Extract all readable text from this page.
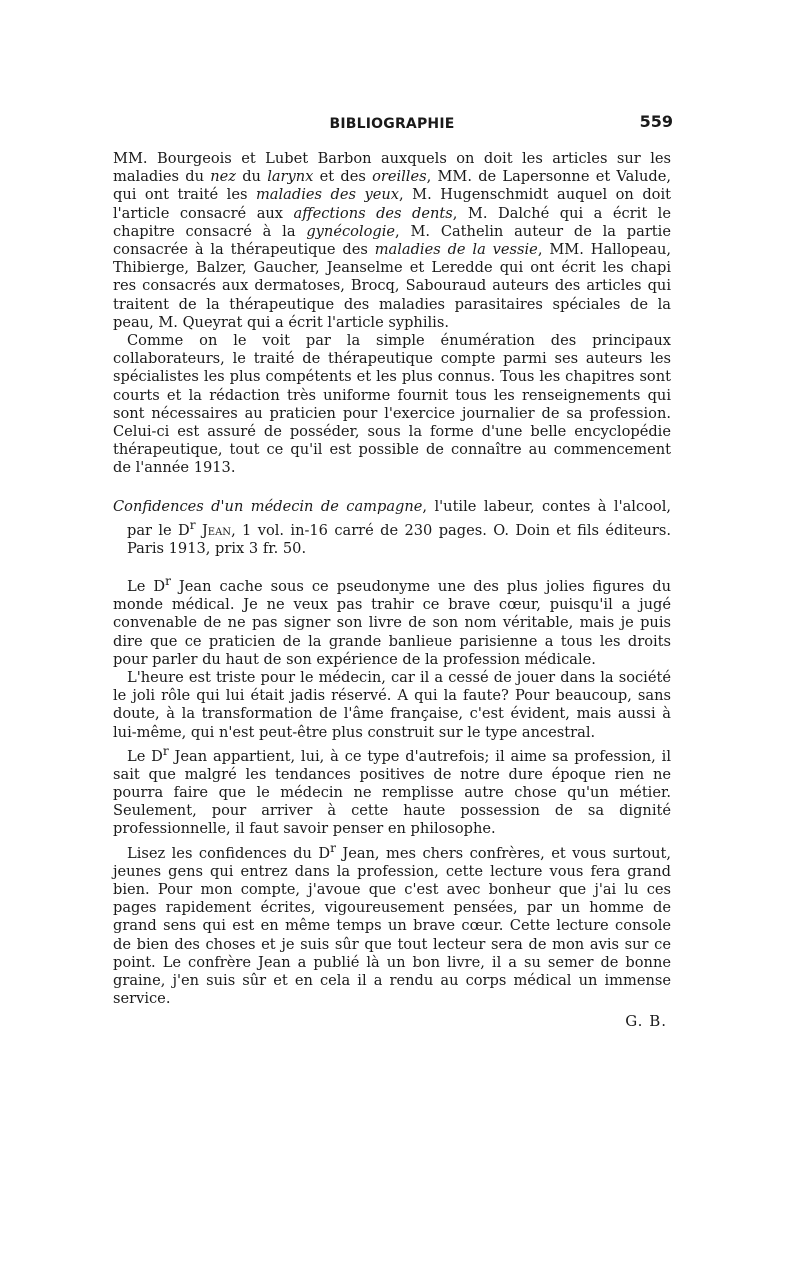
BIBLIOGRAPHIE	559

MM. Bourgeois et Lubet Barbon auxquels on doit les articles sur les maladies du nez du larynx et des oreilles, MM. de Lapersonne et Valude, qui ont traité les maladies des yeux, M. Hugenschmidt auquel on doit l'article consacré aux affections des dents, M. Dalché qui a écrit le chapitre consacré à la gynécologie, M. Cathelin auteur de la partie consacrée à la thérapeutique des maladies de la vessie, MM. Hallopeau, Thibierge, Balzer, Gaucher, Jeanselme et Leredde qui ont écrit les chapi res consacrés aux dermatoses, Brocq, Sabouraud auteurs des articles qui traitent de la thérapeutique des maladies parasitaires spéciales de la peau, M. Queyrat qui a écrit l'article syphilis.

Comme on le voit par la simple énumération des principaux collaborateurs, le traité de thérapeutique compte parmi ses auteurs les spécialistes les plus compétents et les plus connus. Tous les chapitres sont courts et la rédaction très uniforme fournit tous les renseignements qui sont nécessaires au praticien pour l'exercice journalier de sa profession. Celui-ci est assuré de posséder, sous la forme d'une belle encyclopédie thérapeutique, tout ce qu'il est possible de connaître au commencement de l'année 1913.

Confidences d'un médecin de campagne, l'utile labeur, contes à l'alcool, par le $D^r$ Jean, 1 vol. in-16 carré de 230 pages. O. Doin et fils éditeurs. Paris 1913, prix 3 fr. 50.

Le $D^r$ Jean cache sous ce pseudonyme une des plus jolies figures du monde médical. Je ne veux pas trahir ce brave cœur, puisqu'il a jugé convenable de ne pas signer son livre de son nom véritable, mais je puis dire que ce praticien de la grande banlieue parisienne a tous les droits pour parler du haut de son expérience de la profession médicale.

L'heure est triste pour le médecin, car il a cessé de jouer dans la société le joli rôle qui lui était jadis réservé. A qui la faute? Pour beaucoup, sans doute, à la transformation de l'âme française, c'est évident, mais aussi à lui-même, qui n'est peut-être plus construit sur le type ancestral.

Le $D^r$ Jean appartient, lui, à ce type d'autrefois; il aime sa profession, il sait que malgré les tendances positives de notre dure époque rien ne pourra faire que le médecin ne remplisse autre chose qu'un métier. Seulement, pour arriver à cette haute possession de sa dignité professionnelle, il faut savoir penser en philosophe.

Lisez les confidences du $D^r$ Jean, mes chers confrères, et vous surtout, jeunes gens qui entrez dans la profession, cette lecture vous fera grand bien. Pour mon compte, j'avoue que c'est avec bonheur que j'ai lu ces pages rapidement écrites, vigoureusement pensées, par un homme de grand sens qui est en même temps un brave cœur. Cette lecture console de bien des choses et je suis sûr que tout lecteur sera de mon avis sur ce point. Le confrère Jean a publié là un bon livre, il a su semer de bonne graine, j'en suis sûr et en cela il a rendu au corps médical un immense service.

G. B.
